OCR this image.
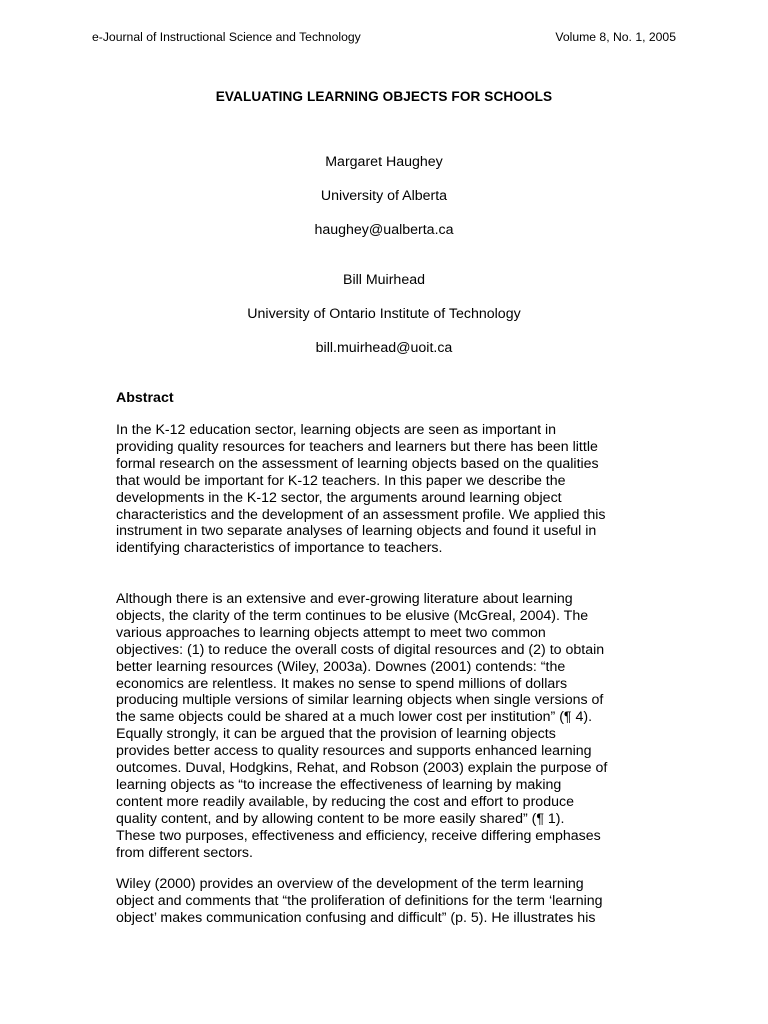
e-Journal of Instructional Science and Technology	Volume 8, No. 1, 2005
EVALUATING LEARNING OBJECTS FOR SCHOOLS
Margaret Haughey
University of Alberta
haughey@ualberta.ca
Bill Muirhead
University of Ontario Institute of Technology
bill.muirhead@uoit.ca
Abstract

In the K-12 education sector, learning objects are seen as important in
providing quality resources for teachers and learners but there has been little
formal research on the assessment of learning objects based on the qualities
that would be important for K-12 teachers. In this paper we describe the
developments in the K-12 sector, the arguments around learning object
characteristics and the development of an assessment profile. We applied this
instrument in two separate analyses of learning objects and found it useful in
identifying characteristics of importance to teachers.

Although there is an extensive and ever-growing literature about learning
objects, the clarity of the term continues to be elusive (McGreal, 2004). The
various approaches to learning objects attempt to meet two common
objectives: (1) to reduce the overall costs of digital resources and (2) to obtain
better learning resources (Wiley, 2003a). Downes (2001) contends: “the
economics are relentless. It makes no sense to spend millions of dollars
producing multiple versions of similar learning objects when single versions of
the same objects could be shared at a much lower cost per institution” (¶ 4).
Equally strongly, it can be argued that the provision of learning objects
provides better access to quality resources and supports enhanced learning
outcomes. Duval, Hodgkins, Rehat, and Robson (2003) explain the purpose of
learning objects as “to increase the effectiveness of learning by making
content more readily available, by reducing the cost and effort to produce
quality content, and by allowing content to be more easily shared” (¶ 1).
These two purposes, effectiveness and efficiency, receive differing emphases
from different sectors.

Wiley (2000) provides an overview of the development of the term learning
object and comments that “the proliferation of definitions for the term ‘learning
object’ makes communication confusing and difficult” (p. 5). He illustrates his
